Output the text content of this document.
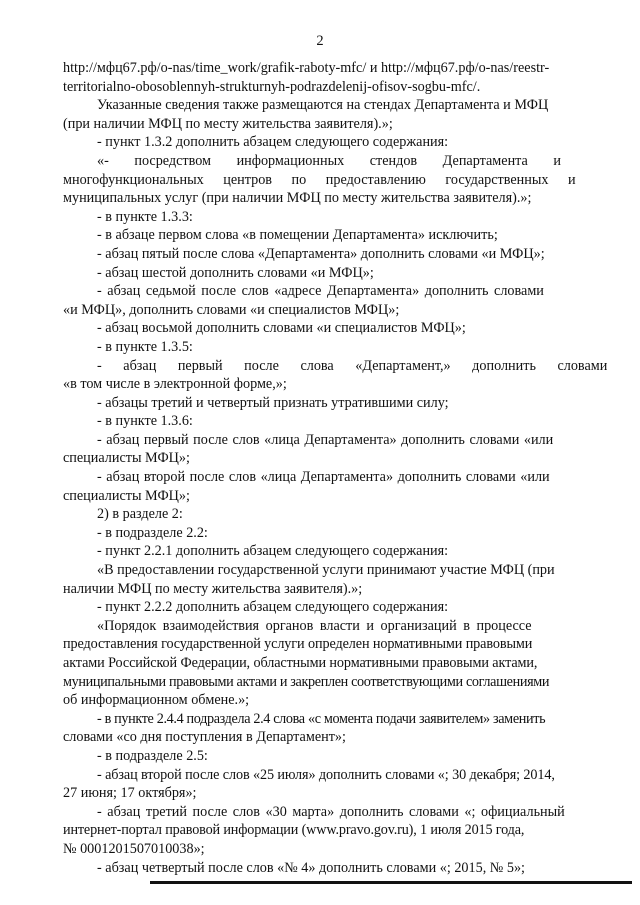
2
http://мфц67.рф/o-nas/time_work/grafik-raboty-mfc/ и http://мфц67.рф/o-nas/reestr-
territorialno-obosoblennyh-strukturnyh-podrazdelenij-ofisov-sogbu-mfc/.
Указанные сведения также размещаются на стендах Департамента и МФЦ
(при наличии МФЦ по месту жительства заявителя).»;
- пункт 1.3.2 дополнить абзацем следующего содержания:
«- посредством информационных стендов Департамента и
многофункциональных центров по предоставлению государственных и
муниципальных услуг (при наличии МФЦ по месту жительства заявителя).»;
- в пункте 1.3.3:
- в абзаце первом слова «в помещении Департамента» исключить;
- абзац пятый после слова «Департамента» дополнить словами «и МФЦ»;
- абзац шестой дополнить словами «и МФЦ»;
- абзац седьмой после слов «адресе Департамента» дополнить словами
«и МФЦ», дополнить словами «и специалистов МФЦ»;
- абзац восьмой дополнить словами «и специалистов МФЦ»;
- в пункте 1.3.5:
- абзац первый после слова «Департамент,» дополнить словами
«в том числе в электронной форме,»;
- абзацы третий и четвертый признать утратившими силу;
- в пункте 1.3.6:
- абзац первый после слов «лица Департамента» дополнить словами «или
специалисты МФЦ»;
- абзац второй после слов «лица Департамента» дополнить словами «или
специалисты МФЦ»;
2) в разделе 2:
- в подразделе 2.2:
- пункт 2.2.1 дополнить абзацем следующего содержания:
«В предоставлении государственной услуги принимают участие МФЦ (при
наличии МФЦ по месту жительства заявителя).»;
- пункт 2.2.2 дополнить абзацем следующего содержания:
«Порядок взаимодействия органов власти и организаций в процессе
предоставления государственной услуги определен нормативными правовыми
актами Российской Федерации, областными нормативными правовыми актами,
муниципальными правовыми актами и закреплен соответствующими соглашениями
об информационном обмене.»;
- в пункте 2.4.4 подраздела 2.4 слова «с момента подачи заявителем» заменить
словами «со дня поступления в Департамент»;
- в подразделе 2.5:
- абзац второй после слов «25 июля» дополнить словами «; 30 декабря; 2014,
27 июня; 17 октября»;
- абзац третий после слов «30 марта» дополнить словами «; официальный
интернет-портал правовой информации (www.pravo.gov.ru), 1 июля 2015 года,
№ 0001201507010038»;
- абзац четвертый после слов «№ 4» дополнить словами «; 2015, № 5»;
